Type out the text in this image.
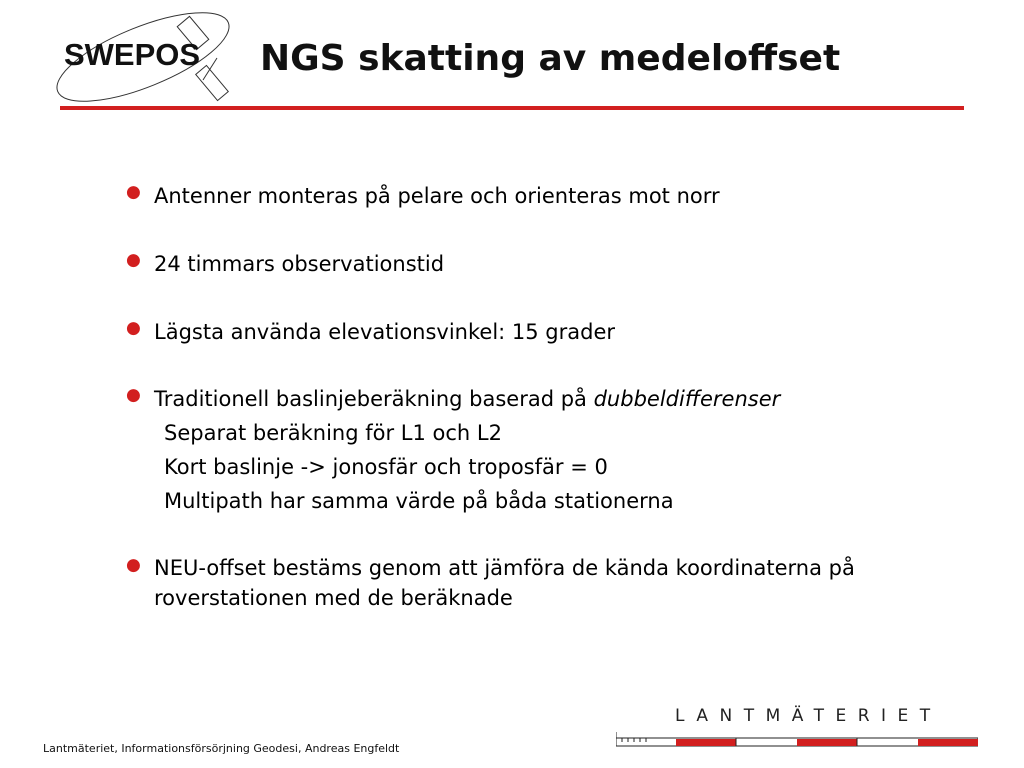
SWEPOS NGS skatting av medeloffset
● Antenner monteras på pelare och orienteras mot norr
● 24 timmars observationstid
● Lägsta använda elevationsvinkel: 15 grader
● Traditionell baslinjeberäkning baserad på dubbeldifferenser
Separat beräkning för L1 och L2
Kort baslinje -> jonosfär och troposfär = 0
Multipath har samma värde på båda stationerna
● NEU-offset bestäms genom att jämföra de kända koordinaterna på roverstationen med de beräknade
LANTMÄTERIET
Lantmäteriet, Informationsförsörjning Geodesi, Andreas Engfeldt
